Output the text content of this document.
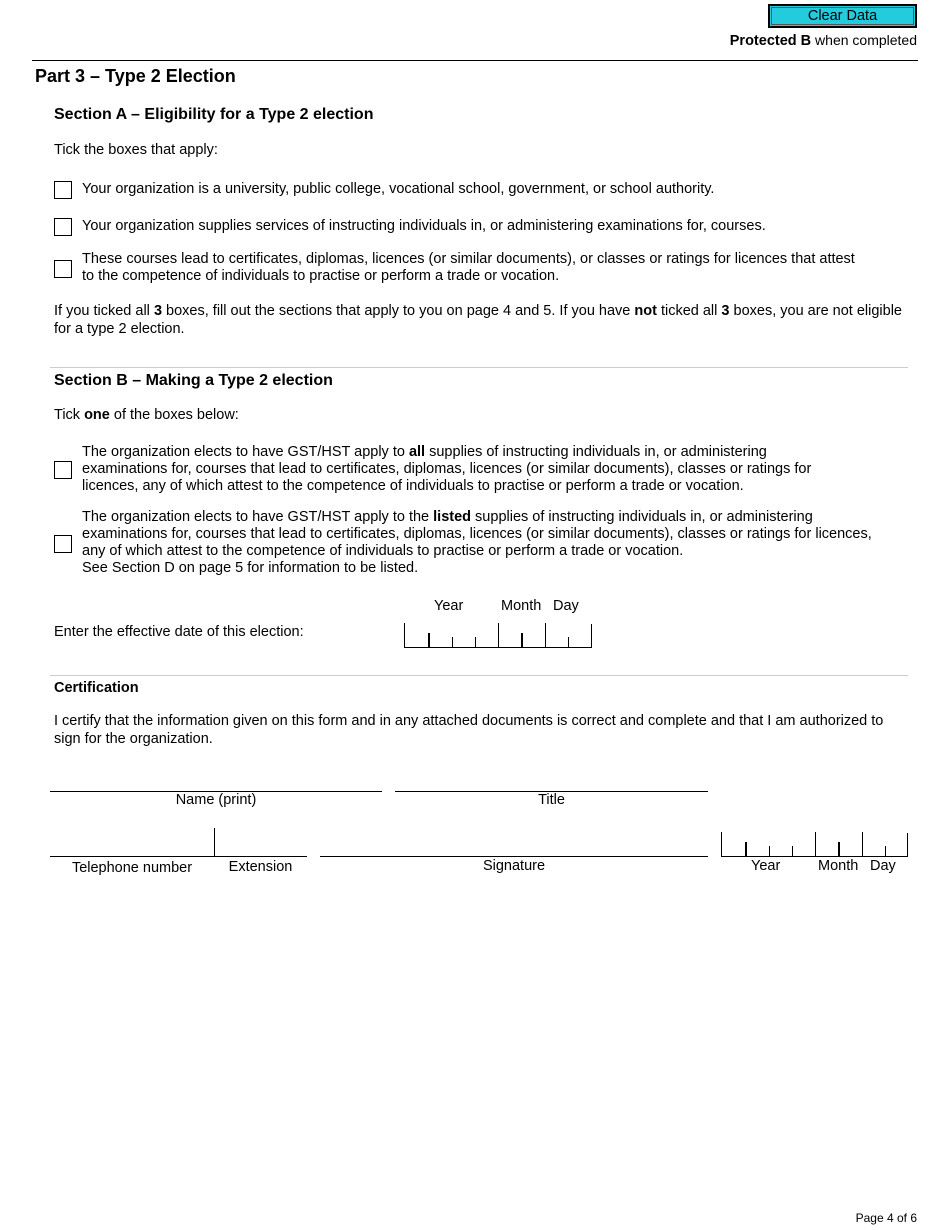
Clear Data
Protected B when completed
Part 3 – Type 2 Election
Section A – Eligibility for a Type 2 election
Tick the boxes that apply:
Your organization is a university, public college, vocational school, government, or school authority.
Your organization supplies services of instructing individuals in, or administering examinations for, courses.
These courses lead to certificates, diplomas, licences (or similar documents), or classes or ratings for licences that attest to the competence of individuals to practise or perform a trade or vocation.
If you ticked all 3 boxes, fill out the sections that apply to you on page 4 and 5. If you have not ticked all 3 boxes, you are not eligible for a type 2 election.
Section B – Making a Type 2 election
Tick one of the boxes below:
The organization elects to have GST/HST apply to all supplies of instructing individuals in, or administering examinations for, courses that lead to certificates, diplomas, licences (or similar documents), classes or ratings for licences, any of which attest to the competence of individuals to practise or perform a trade or vocation.
The organization elects to have GST/HST apply to the listed supplies of instructing individuals in, or administering examinations for, courses that lead to certificates, diplomas, licences (or similar documents), classes or ratings for licences, any of which attest to the competence of individuals to practise or perform a trade or vocation.
See Section D on page 5 for information to be listed.
Year	Month Day
Enter the effective date of this election:
Certification
I certify that the information given on this form and in any attached documents is correct and complete and that I am authorized to sign for the organization.
Name (print)	Title
Telephone number	Extension	Signature	Year	Month Day
Page 4 of 6
